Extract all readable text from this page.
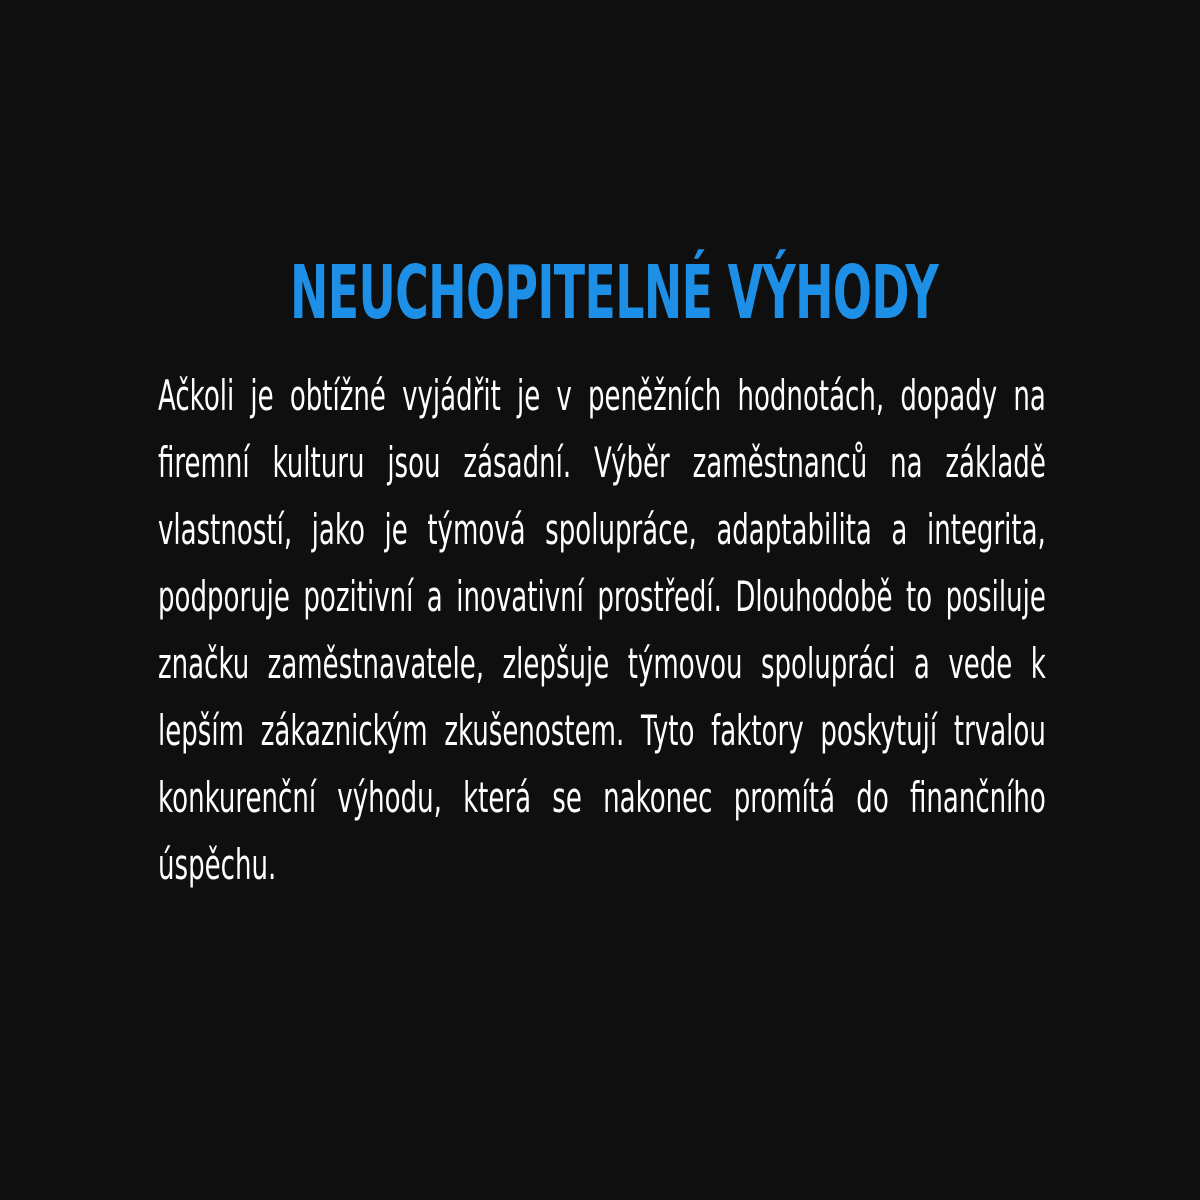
NEUCHOPITELNÉ VÝHODY

Ačkoli je obtížné vyjádřit je v peněžních hodnotách, dopady na firemní kulturu jsou zásadní. Výběr zaměstnanců na základě vlastností, jako je týmová spolupráce, adaptabilita a integrita, podporuje pozitivní a inovativní prostředí. Dlouhodobě to posiluje značku zaměstnavatele, zlepšuje týmovou spolupráci a vede k lepším zákaznickým zkušenostem. Tyto faktory poskytují trvalou konkurenční výhodu, která se nakonec promítá do finančního úspěchu.
